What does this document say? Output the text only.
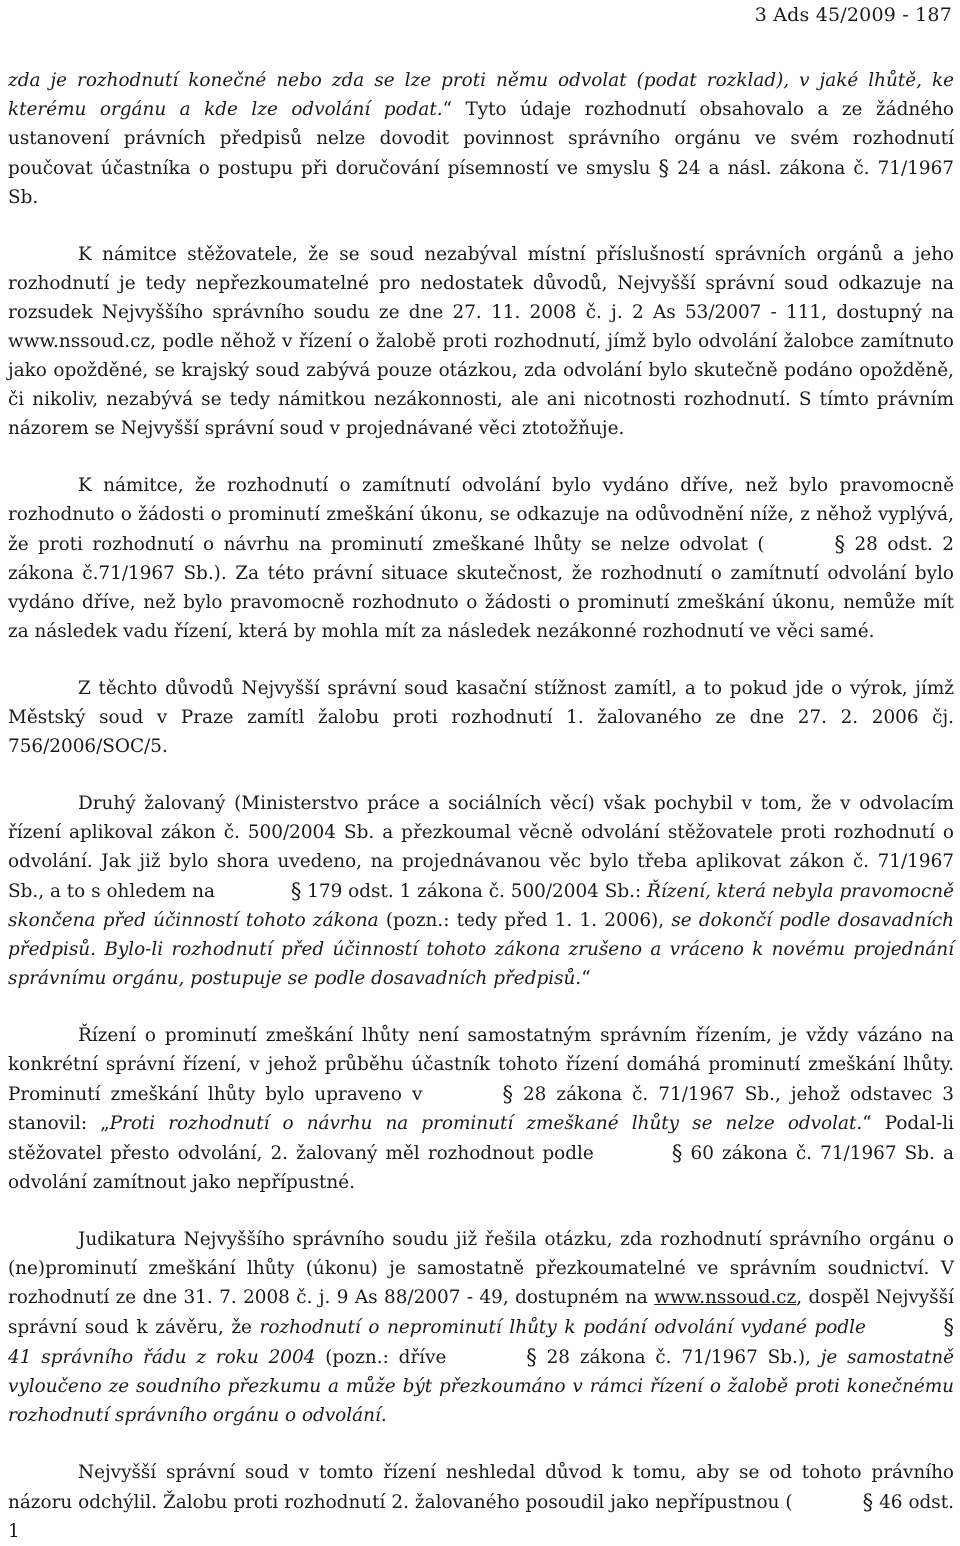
3 Ads 45/2009 - 187

zda je rozhodnutí konečné nebo zda se lze proti němu odvolat (podat rozklad), v jaké lhůtě, ke kterému orgánu a kde lze odvolání podat.“ Tyto údaje rozhodnutí obsahovalo a ze žádného ustanovení právních předpisů nelze dovodit povinnost správního orgánu ve svém rozhodnutí poučovat účastníka o postupu při doručování písemností ve smyslu § 24 a násl. zákona č. 71/1967 Sb.

K námitce stěžovatele, že se soud nezabýval místní příslušností správních orgánů a jeho rozhodnutí je tedy nepřezkoumatelné pro nedostatek důvodů, Nejvyšší správní soud odkazuje na rozsudek Nejvyššího správního soudu ze dne 27. 11. 2008 č. j. 2 As 53/2007 - 111, dostupný na www.nssoud.cz, podle něhož v řízení o žalobě proti rozhodnutí, jímž bylo odvolání žalobce zamítnuto jako opožděné, se krajský soud zabývá pouze otázkou, zda odvolání bylo skutečně podáno opožděně, či nikoliv, nezabývá se tedy námitkou nezákonnosti, ale ani nicotnosti rozhodnutí. S tímto právním názorem se Nejvyšší správní soud v projednávané věci ztotožňuje.

K námitce, že rozhodnutí o zamítnutí odvolání bylo vydáno dříve, než bylo pravomocně rozhodnuto o žádosti o prominutí zmeškání úkonu, se odkazuje na odůvodnění níže, z něhož vyplývá, že proti rozhodnutí o návrhu na prominutí zmeškané lhůty se nelze odvolat (	§ 28 odst. 2 zákona č.71/1967 Sb.). Za této právní situace skutečnost, že rozhodnutí o zamítnutí odvolání bylo vydáno dříve, než bylo pravomocně rozhodnuto o žádosti o prominutí zmeškání úkonu, nemůže mít za následek vadu řízení, která by mohla mít za následek nezákonné rozhodnutí ve věci samé.

Z těchto důvodů Nejvyšší správní soud kasační stížnost zamítl, a to pokud jde o výrok, jímž Městský soud v Praze zamítl žalobu proti rozhodnutí 1. žalovaného ze dne 27. 2. 2006 čj. 756/2006/SOC/5.

Druhý žalovaný (Ministerstvo práce a sociálních věcí) však pochybil v tom, že v odvolacím řízení aplikoval zákon č. 500/2004 Sb. a přezkoumal věcně odvolání stěžovatele proti rozhodnutí o odvolání. Jak již bylo shora uvedeno, na projednávanou věc bylo třeba aplikovat zákon č. 71/1967 Sb., a to s ohledem na	§ 179 odst. 1 zákona č. 500/2004 Sb.: Řízení, která nebyla pravomocně skončena před účinností tohoto zákona (pozn.: tedy před 1. 1. 2006), se dokončí podle dosavadních předpisů. Bylo-li rozhodnutí před účinností tohoto zákona zrušeno a vráceno k novému projednání správnímu orgánu, postupuje se podle dosavadních předpisů.“

Řízení o prominutí zmeškání lhůty není samostatným správním řízením, je vždy vázáno na konkrétní správní řízení, v jehož průběhu účastník tohoto řízení domáhá prominutí zmeškání lhůty. Prominutí zmeškání lhůty bylo upraveno v	§ 28 zákona č. 71/1967 Sb., jehož odstavec 3 stanovil: „Proti rozhodnutí o návrhu na prominutí zmeškané lhůty se nelze odvolat.“ Podal-li stěžovatel přesto odvolání, 2. žalovaný měl rozhodnout podle	§ 60 zákona č. 71/1967 Sb. a odvolání zamítnout jako nepřípustné.

Judikatura Nejvyššího správního soudu již řešila otázku, zda rozhodnutí správního orgánu o (ne)prominutí zmeškání lhůty (úkonu) je samostatně přezkoumatelné ve správním soudnictví. V rozhodnutí ze dne 31. 7. 2008 č. j. 9 As 88/2007 - 49, dostupném na www.nssoud.cz, dospěl Nejvyšší správní soud k závěru, že rozhodnutí o neprominutí lhůty k podání odvolání vydané podle	§ 41 správního řádu z roku 2004 (pozn.: dříve	§ 28 zákona č. 71/1967 Sb.), je samostatně vyloučeno ze soudního přezkumu a může být přezkoumáno v rámci řízení o žalobě proti konečnému rozhodnutí správního orgánu o odvolání.

Nejvyšší správní soud v tomto řízení neshledal důvod k tomu, aby se od tohoto právního názoru odchýlil. Žalobu proti rozhodnutí 2. žalovaného posoudil jako nepřípustnou (	§ 46 odst. 1
